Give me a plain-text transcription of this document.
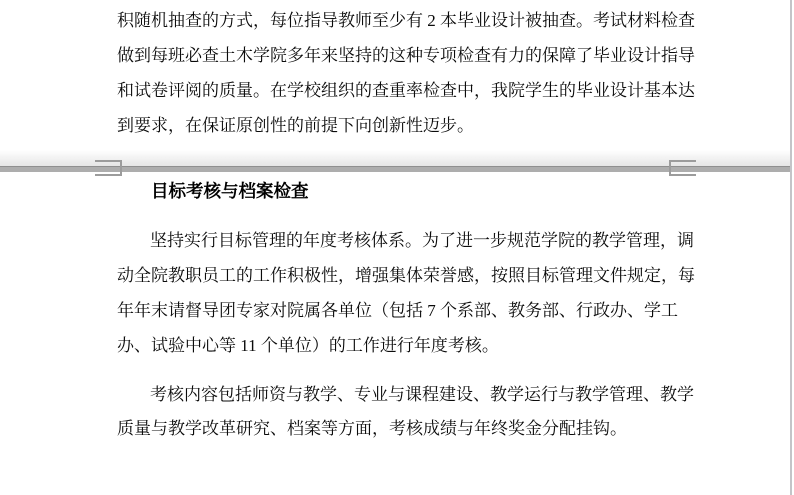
积随机抽查的方式，每位指导教师至少有 2 本毕业设计被抽查。考试材料检查
做到每班必查土木学院多年来坚持的这种专项检查有力的保障了毕业设计指导
和试卷评阅的质量。在学校组织的查重率检查中，我院学生的毕业设计基本达
到要求，在保证原创性的前提下向创新性迈步。
目标考核与档案检查
坚持实行目标管理的年度考核体系。为了进一步规范学院的教学管理，调
动全院教职员工的工作积极性，增强集体荣誉感，按照目标管理文件规定，每
年年末请督导团专家对院属各单位（包括 7 个系部、教务部、行政办、学工
办、试验中心等 11 个单位）的工作进行年度考核。
考核内容包括师资与教学、专业与课程建设、教学运行与教学管理、教学
质量与教学改革研究、档案等方面，考核成绩与年终奖金分配挂钩。
